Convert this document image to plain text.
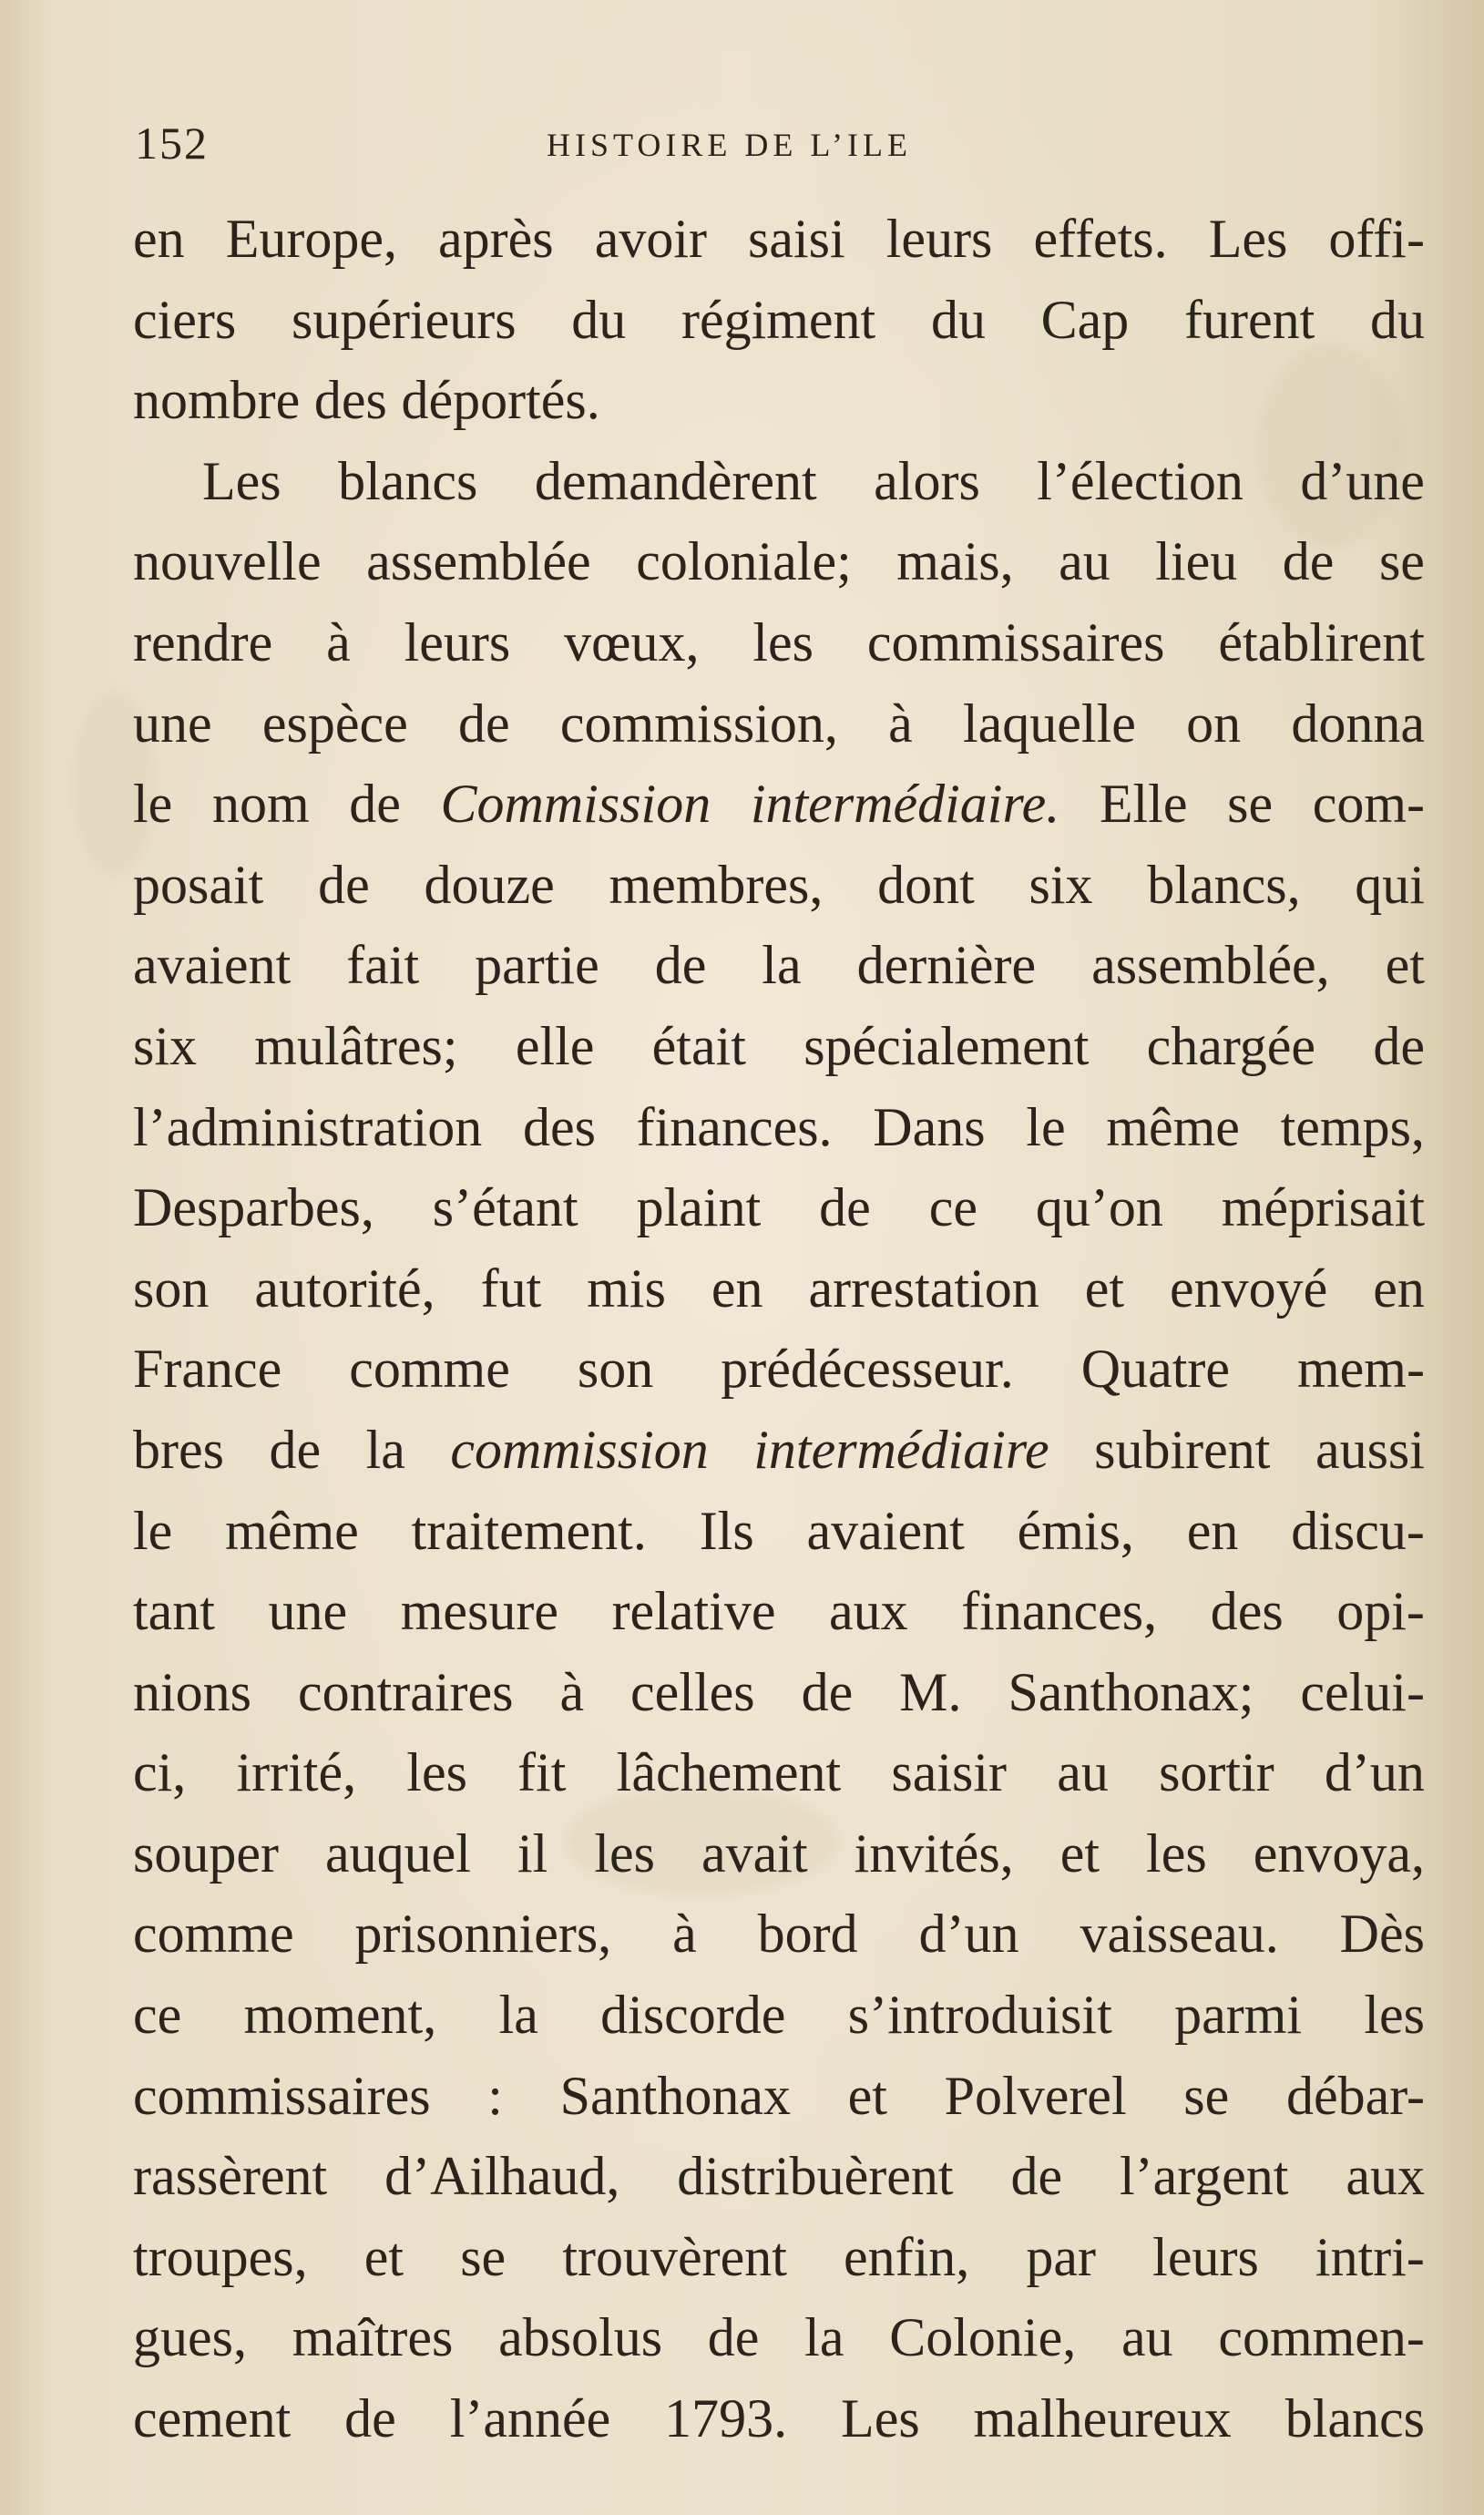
152	HISTOIRE DE L’ILE
en Europe, après avoir saisi leurs effets. Les offi-
ciers supérieurs du régiment du Cap furent du
nombre des déportés.
Les blancs demandèrent alors l’élection d’une
nouvelle assemblée coloniale; mais, au lieu de se
rendre à leurs vœux, les commissaires établirent
une espèce de commission, à laquelle on donna
le nom de Commission intermédiaire. Elle se com-
posait de douze membres, dont six blancs, qui
avaient fait partie de la dernière assemblée, et
six mulâtres; elle était spécialement chargée de
l’administration des finances. Dans le même temps,
Desparbes, s’étant plaint de ce qu’on méprisait
son autorité, fut mis en arrestation et envoyé en
France comme son prédécesseur. Quatre mem-
bres de la commission intermédiaire subirent aussi
le même traitement. Ils avaient émis, en discu-
tant une mesure relative aux finances, des opi-
nions contraires à celles de M. Santhonax; celui-
ci, irrité, les fit lâchement saisir au sortir d’un
souper auquel il les avait invités, et les envoya,
comme prisonniers, à bord d’un vaisseau. Dès
ce moment, la discorde s’introduisit parmi les
commissaires : Santhonax et Polverel se débar-
rassèrent d’Ailhaud, distribuèrent de l’argent aux
troupes, et se trouvèrent enfin, par leurs intri-
gues, maîtres absolus de la Colonie, au commen-
cement de l’année 1793. Les malheureux blancs
